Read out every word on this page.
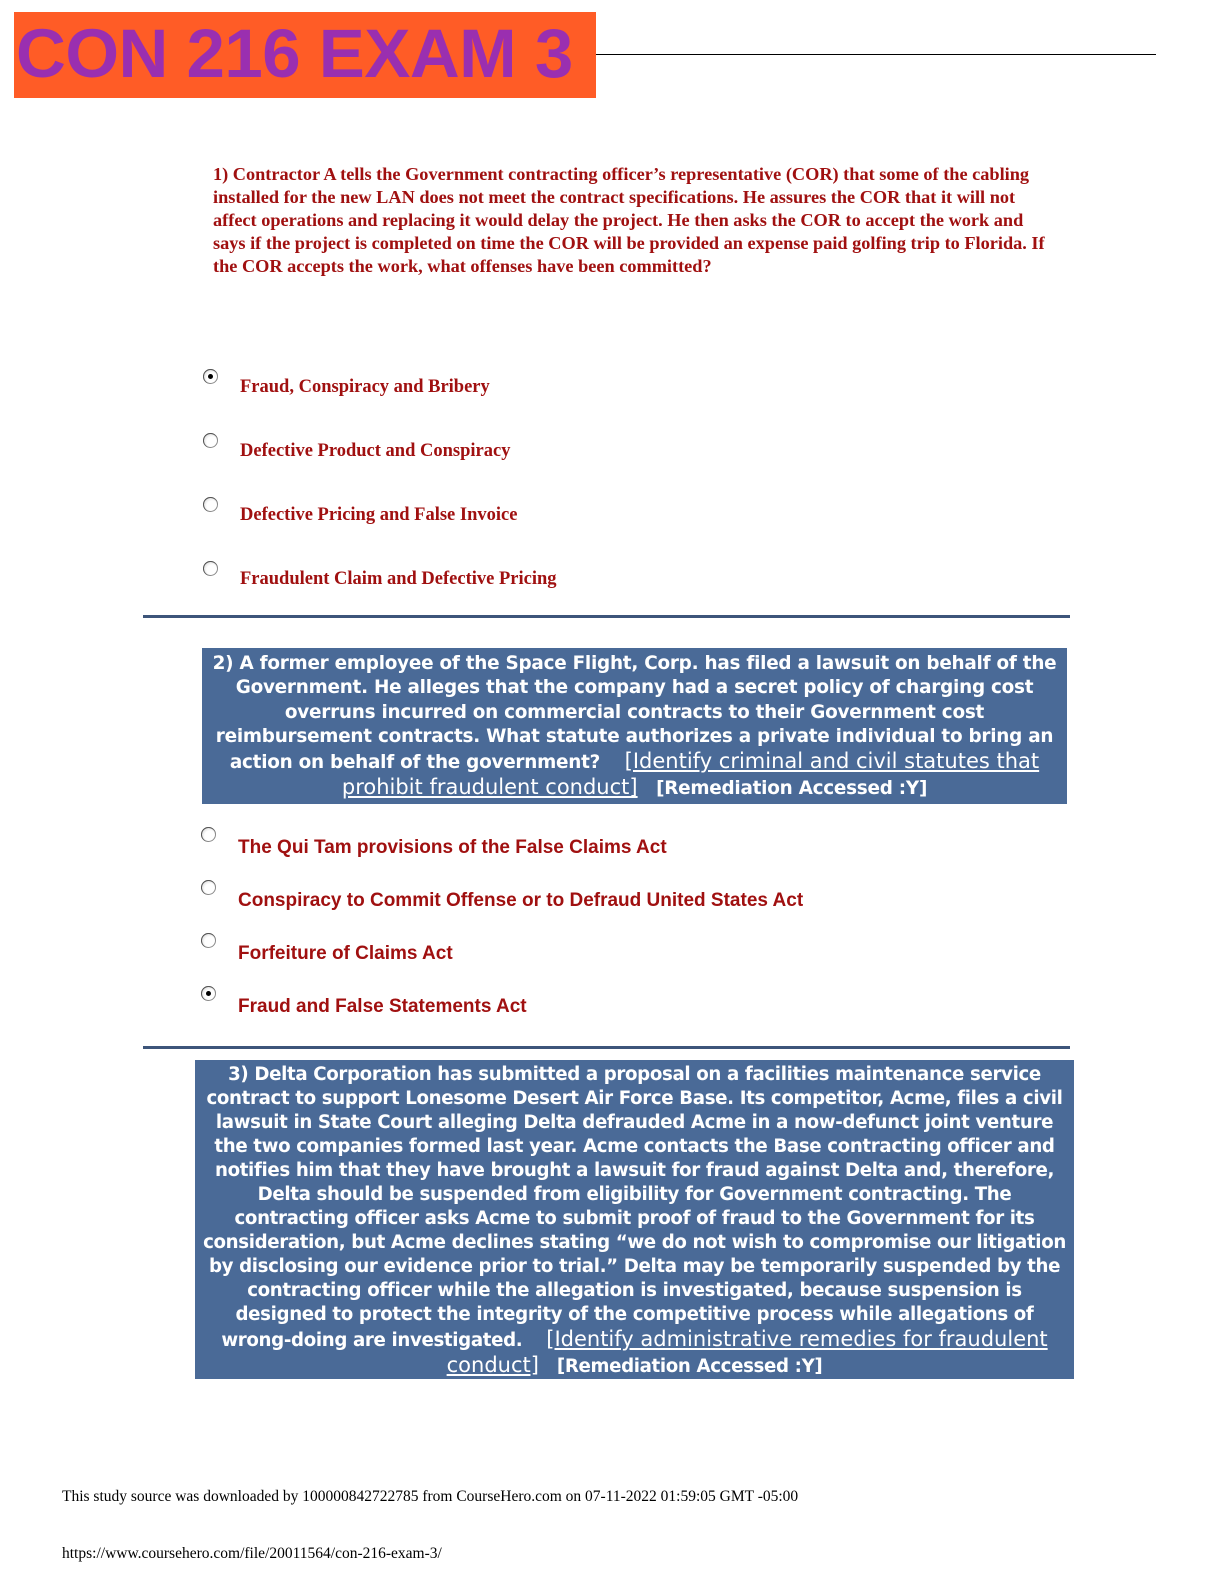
CON 216 EXAM 3
1) Contractor A tells the Government contracting officer’s representative (COR) that some of the cabling installed for the new LAN does not meet the contract specifications. He assures the COR that it will not affect operations and replacing it would delay the project. He then asks the COR to accept the work and says if the project is completed on time the COR will be provided an expense paid golfing trip to Florida. If the COR accepts the work, what offenses have been committed?
Fraud, Conspiracy and Bribery
Defective Product and Conspiracy
Defective Pricing and False Invoice
Fraudulent Claim and Defective Pricing
2) A former employee of the Space Flight, Corp. has filed a lawsuit on behalf of the Government. He alleges that the company had a secret policy of charging cost overruns incurred on commercial contracts to their Government cost reimbursement contracts. What statute authorizes a private individual to bring an action on behalf of the government? [Identify criminal and civil statutes that prohibit fraudulent conduct] [Remediation Accessed :Y]
The Qui Tam provisions of the False Claims Act
Conspiracy to Commit Offense or to Defraud United States Act
Forfeiture of Claims Act
Fraud and False Statements Act
3) Delta Corporation has submitted a proposal on a facilities maintenance service contract to support Lonesome Desert Air Force Base. Its competitor, Acme, files a civil lawsuit in State Court alleging Delta defrauded Acme in a now-defunct joint venture the two companies formed last year. Acme contacts the Base contracting officer and notifies him that they have brought a lawsuit for fraud against Delta and, therefore, Delta should be suspended from eligibility for Government contracting. The contracting officer asks Acme to submit proof of fraud to the Government for its consideration, but Acme declines stating “we do not wish to compromise our litigation by disclosing our evidence prior to trial.” Delta may be temporarily suspended by the contracting officer while the allegation is investigated, because suspension is designed to protect the integrity of the competitive process while allegations of wrong-doing are investigated. [Identify administrative remedies for fraudulent conduct] [Remediation Accessed :Y]
This study source was downloaded by 100000842722785 from CourseHero.com on 07-11-2022 01:59:05 GMT -05:00
https://www.coursehero.com/file/20011564/con-216-exam-3/
